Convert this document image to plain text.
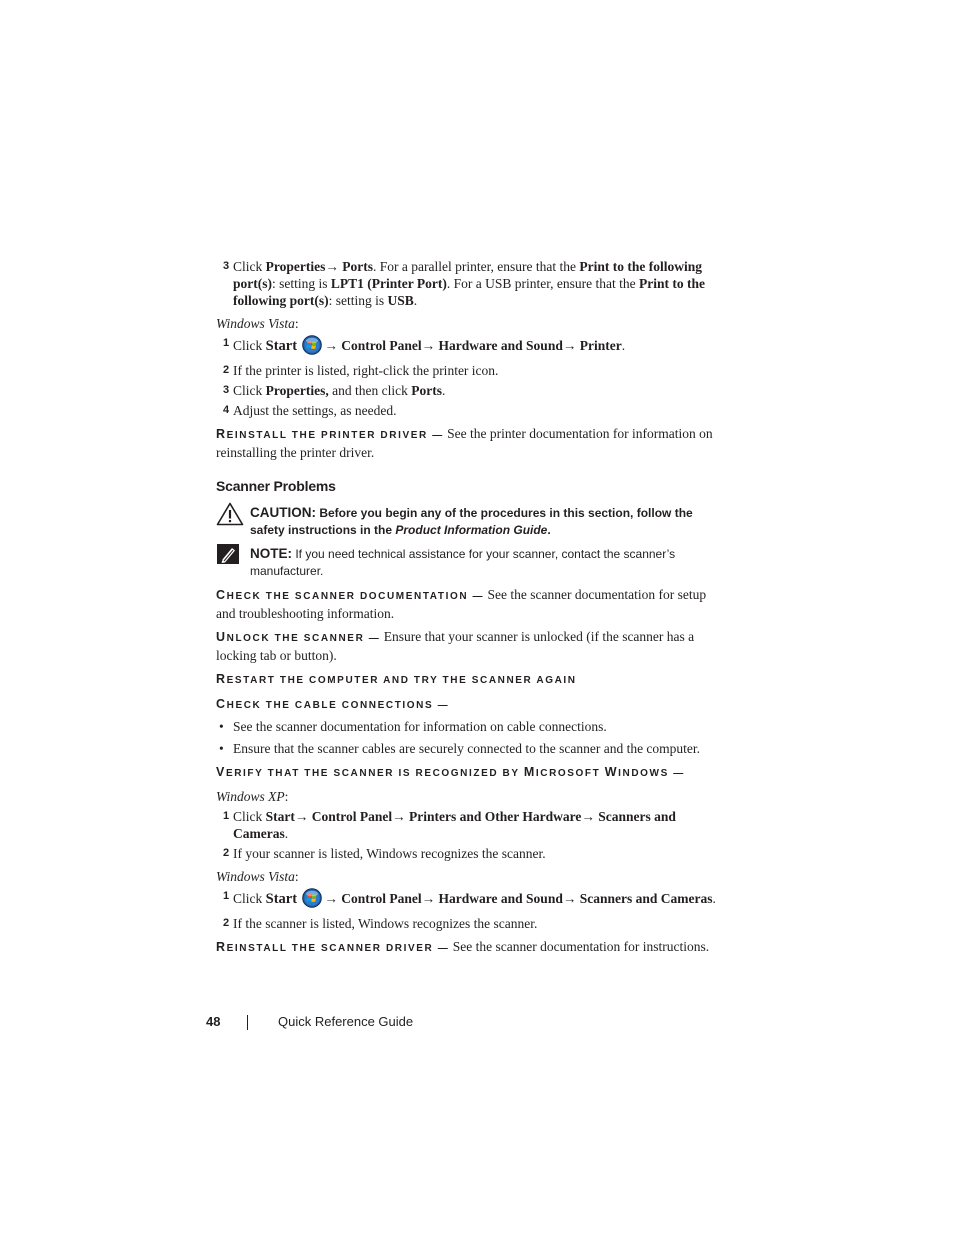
3 Click Properties→ Ports. For a parallel printer, ensure that the Print to the following port(s): setting is LPT1 (Printer Port). For a USB printer, ensure that the Print to the following port(s): setting is USB.
Windows Vista:
1 Click Start → Control Panel→ Hardware and Sound→ Printer.
2 If the printer is listed, right-click the printer icon.
3 Click Properties, and then click Ports.
4 Adjust the settings, as needed.
REINSTALL THE PRINTER DRIVER — See the printer documentation for information on reinstalling the printer driver.
Scanner Problems
CAUTION: Before you begin any of the procedures in this section, follow the safety instructions in the Product Information Guide.
NOTE: If you need technical assistance for your scanner, contact the scanner’s manufacturer.
CHECK THE SCANNER DOCUMENTATION — See the scanner documentation for setup and troubleshooting information.
UNLOCK THE SCANNER — Ensure that your scanner is unlocked (if the scanner has a locking tab or button).
RESTART THE COMPUTER AND TRY THE SCANNER AGAIN
CHECK THE CABLE CONNECTIONS —
• See the scanner documentation for information on cable connections.
• Ensure that the scanner cables are securely connected to the scanner and the computer.
VERIFY THAT THE SCANNER IS RECOGNIZED BY MICROSOFT WINDOWS —
Windows XP:
1 Click Start→ Control Panel→ Printers and Other Hardware→ Scanners and Cameras.
2 If your scanner is listed, Windows recognizes the scanner.
Windows Vista:
1 Click Start → Control Panel→ Hardware and Sound→ Scanners and Cameras.
2 If the scanner is listed, Windows recognizes the scanner.
REINSTALL THE SCANNER DRIVER — See the scanner documentation for instructions.
48	Quick Reference Guide
